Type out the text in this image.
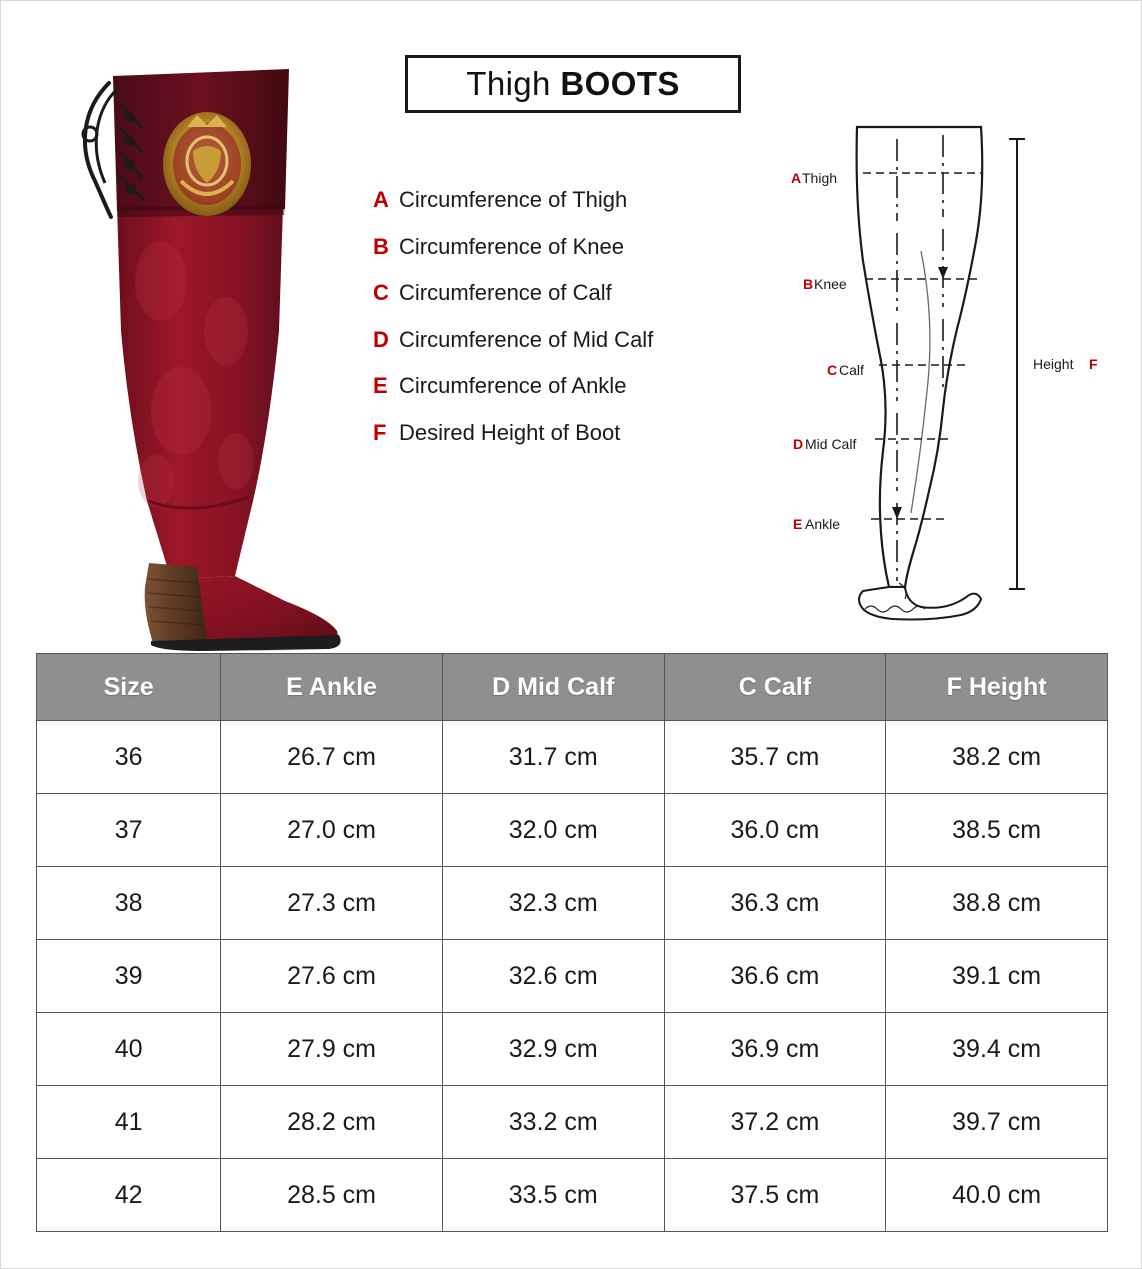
Thigh BOOTS
A Circumference of Thigh
B Circumference of Knee
C Circumference of Calf
D Circumference of Mid Calf
E Circumference of Ankle
F Desired Height of Boot
A Thigh
B Knee
C Calf
D Mid Calf
E Ankle
Height F
Size	E Ankle	D Mid Calf	C Calf	F Height
36	26.7 cm	31.7 cm	35.7 cm	38.2 cm
37	27.0 cm	32.0 cm	36.0 cm	38.5 cm
38	27.3 cm	32.3 cm	36.3 cm	38.8 cm
39	27.6 cm	32.6 cm	36.6 cm	39.1 cm
40	27.9 cm	32.9 cm	36.9 cm	39.4 cm
41	28.2 cm	33.2 cm	37.2 cm	39.7 cm
42	28.5 cm	33.5 cm	37.5 cm	40.0 cm
